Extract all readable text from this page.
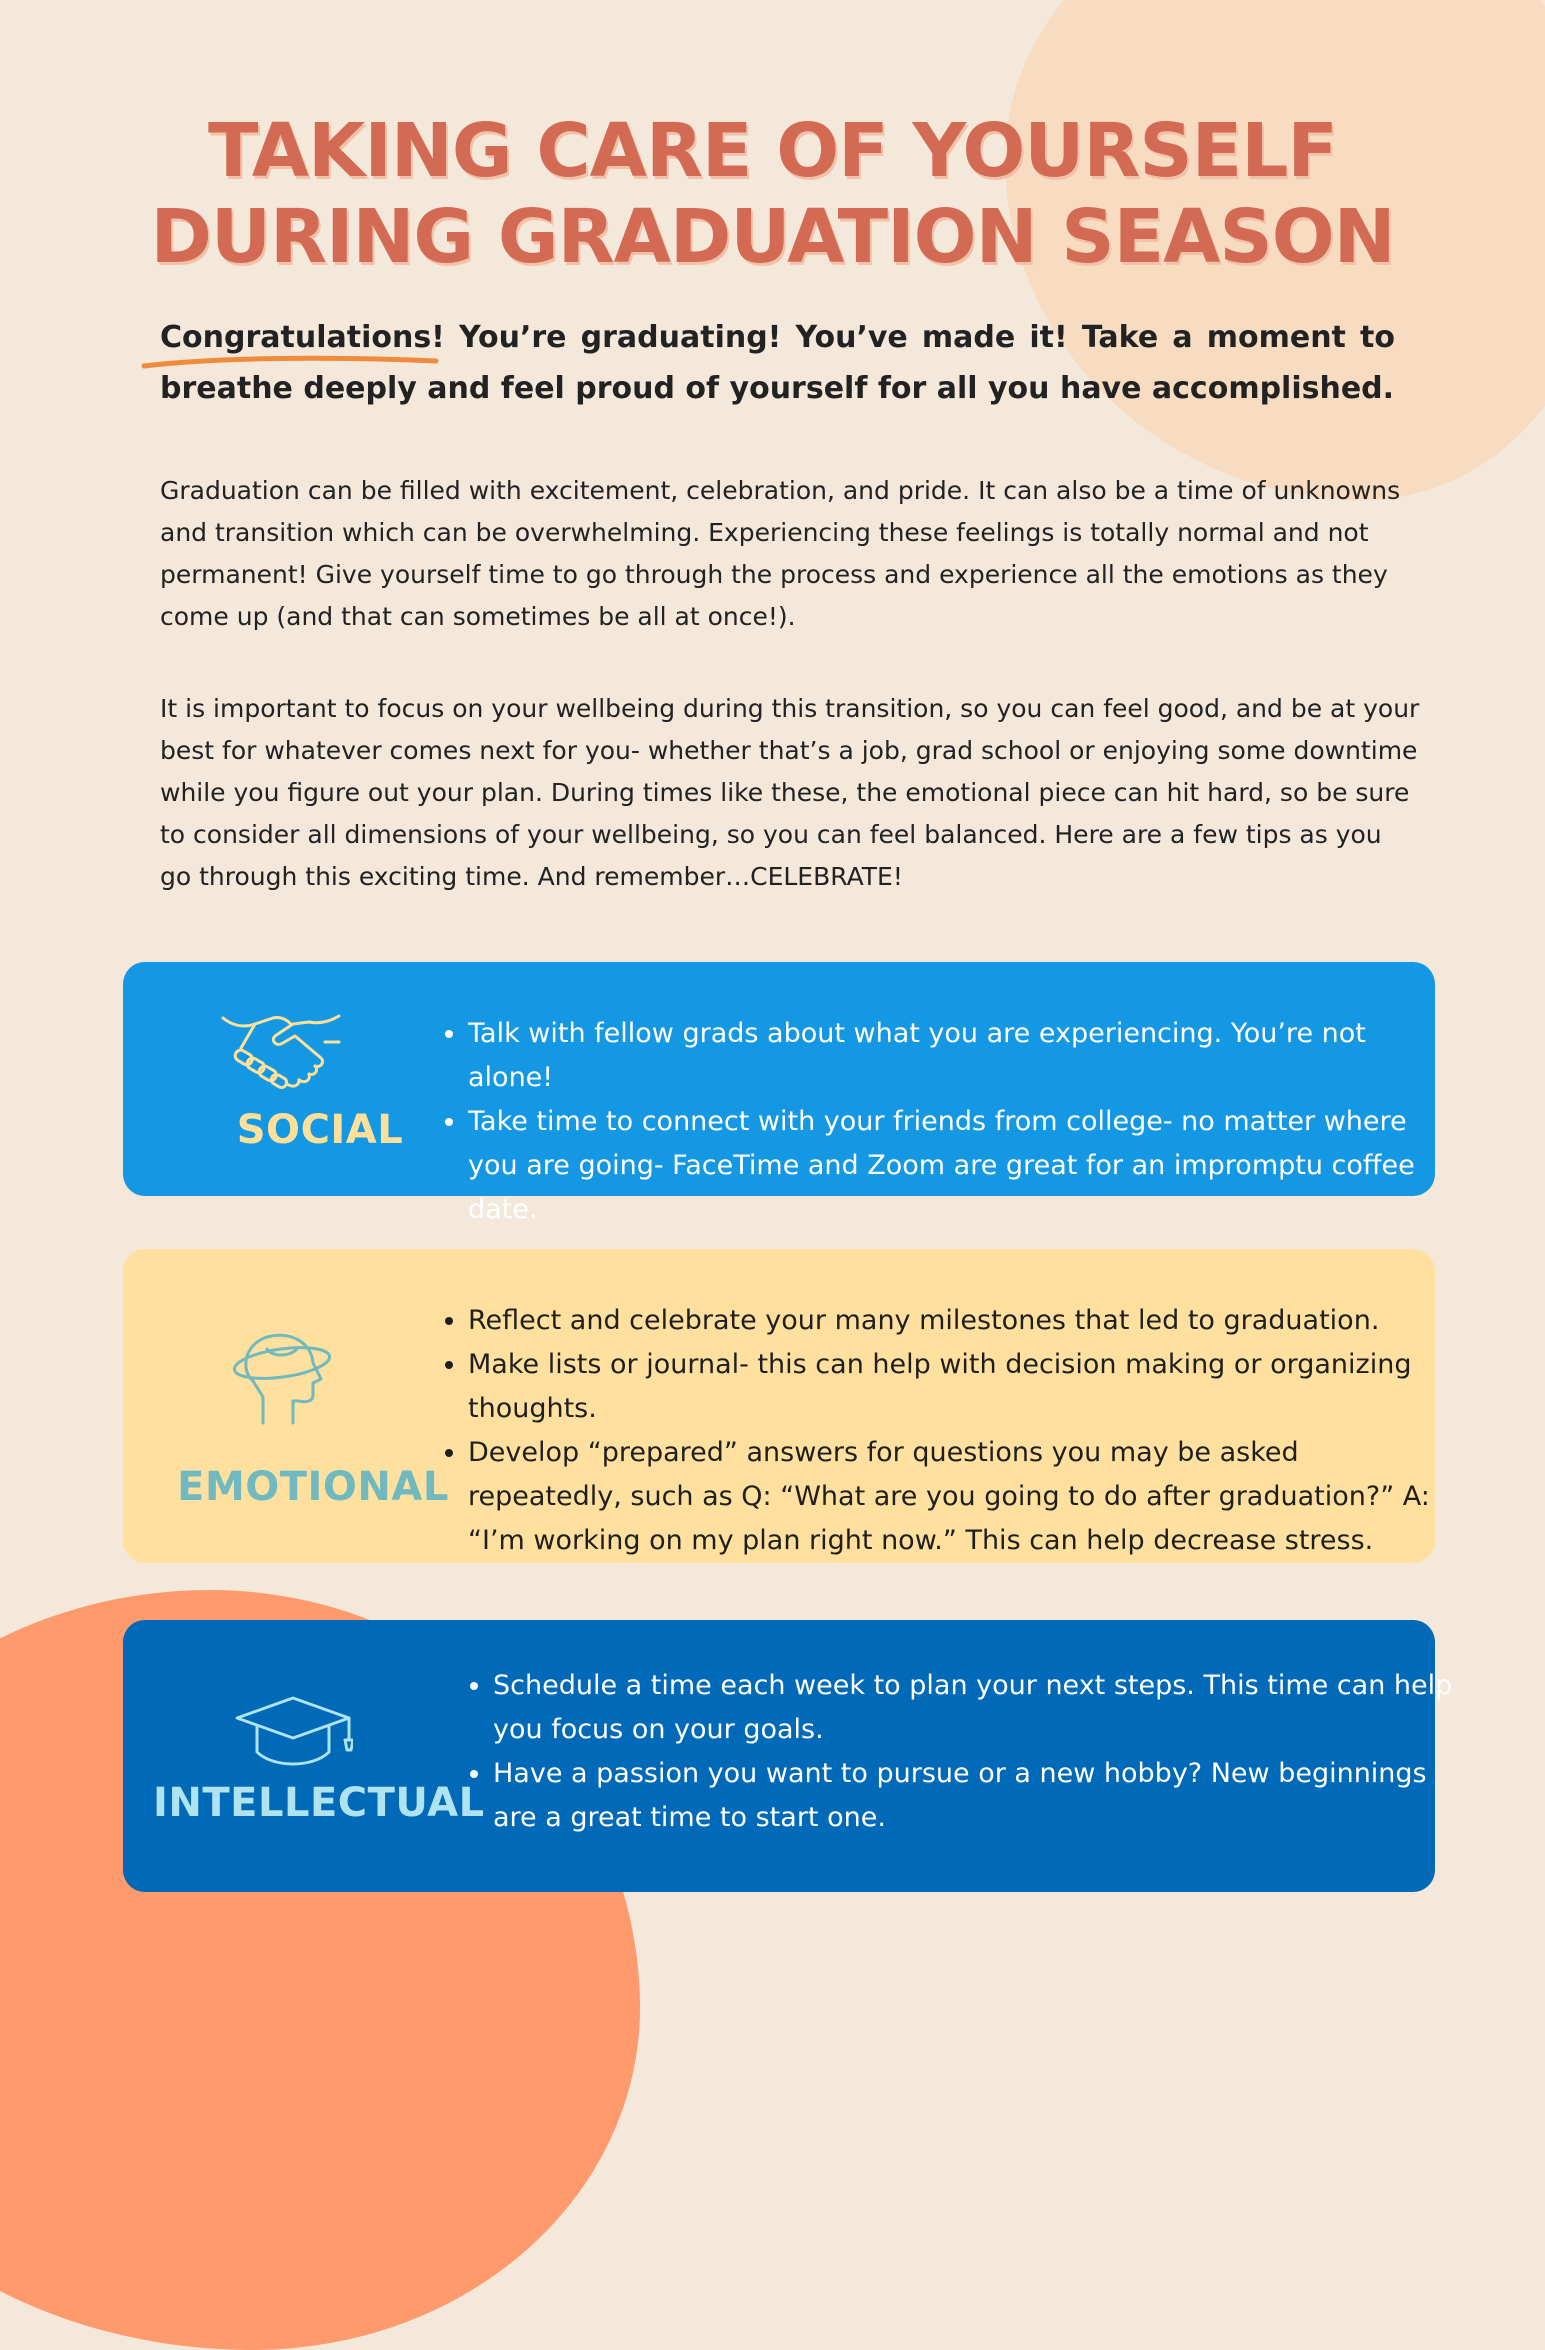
TAKING CARE OF YOURSELF
DURING GRADUATION SEASON

Congratulations!
You’re graduating! You’ve made it! Take a moment to breathe deeply and feel proud of yourself for all you have accomplished.

Graduation can be filled with excitement, celebration, and pride. It can also be a time of unknowns and transition which can be overwhelming. Experiencing these feelings is totally normal and not permanent! Give yourself time to go through the process and experience all the emotions as they come up (and that can sometimes be all at once!).

It is important to focus on your wellbeing during this transition, so you can feel good, and be at your best for whatever comes next for you- whether that’s a job, grad school or enjoying some downtime while you figure out your plan. During times like these, the emotional piece can hit hard, so be sure to consider all dimensions of your wellbeing, so you can feel balanced. Here are a few tips as you go through this exciting time. And remember…CELEBRATE!

SOCIAL
• Talk with fellow grads about what you are experiencing. You’re not alone!
• Take time to connect with your friends from college- no matter where you are going- FaceTime and Zoom are great for an impromptu coffee date.
EMOTIONAL
• Reflect and celebrate your many milestones that led to graduation.
• Make lists or journal- this can help with decision making or organizing thoughts.
• Develop “prepared” answers for questions you may be asked repeatedly, such as Q: “What are you going to do after graduation?” A: “I’m working on my plan right now.” This can help decrease stress.
INTELLECTUAL
• Schedule a time each week to plan your next steps. This time can help you focus on your goals.
• Have a passion you want to pursue or a new hobby? New beginnings are a great time to start one.
